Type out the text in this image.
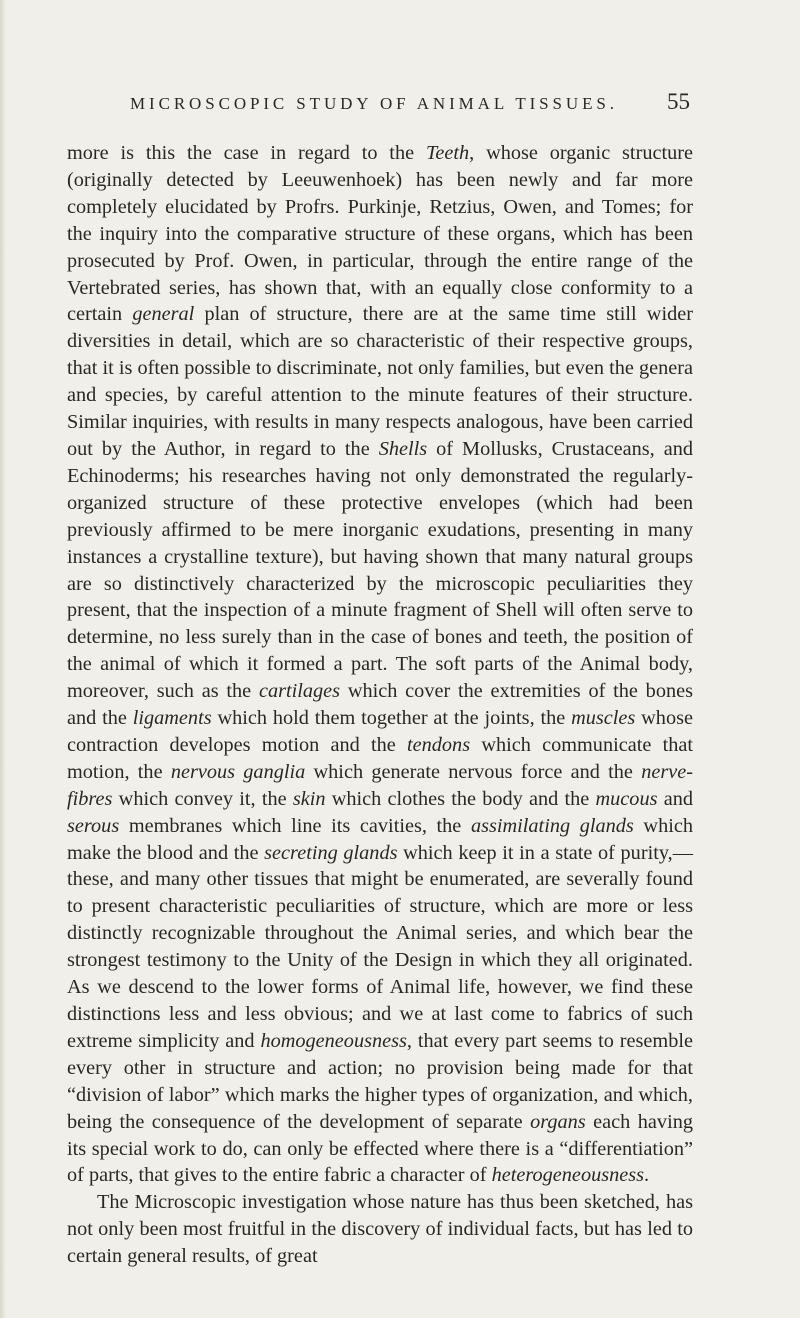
MICROSCOPIC STUDY OF ANIMAL TISSUES. 55

more is this the case in regard to the Teeth, whose organic structure (originally detected by Leeuwenhoek) has been newly and far more completely elucidated by Profrs. Purkinje, Retzius, Owen, and Tomes; for the inquiry into the comparative structure of these organs, which has been prosecuted by Prof. Owen, in particular, through the entire range of the Vertebrated series, has shown that, with an equally close conformity to a certain general plan of structure, there are at the same time still wider diversities in detail, which are so characteristic of their respective groups, that it is often possible to discriminate, not only families, but even the genera and species, by careful attention to the minute features of their structure. Similar inquiries, with results in many respects analogous, have been carried out by the Author, in regard to the Shells of Mollusks, Crustaceans, and Echinoderms; his researches having not only demonstrated the regularly-organized structure of these protective envelopes (which had been previously affirmed to be mere inorganic exudations, presenting in many instances a crystalline texture), but having shown that many natural groups are so distinctively characterized by the microscopic peculiarities they present, that the inspection of a minute fragment of Shell will often serve to determine, no less surely than in the case of bones and teeth, the position of the animal of which it formed a part. The soft parts of the Animal body, moreover, such as the cartilages which cover the extremities of the bones and the ligaments which hold them together at the joints, the muscles whose contraction developes motion and the tendons which communicate that motion, the nervous ganglia which generate nervous force and the nerve-fibres which convey it, the skin which clothes the body and the mucous and serous membranes which line its cavities, the assimilating glands which make the blood and the secreting glands which keep it in a state of purity,—these, and many other tissues that might be enumerated, are severally found to present characteristic peculiarities of structure, which are more or less distinctly recognizable throughout the Animal series, and which bear the strongest testimony to the Unity of the Design in which they all originated. As we descend to the lower forms of Animal life, however, we find these distinctions less and less obvious; and we at last come to fabrics of such extreme simplicity and homogeneousness, that every part seems to resemble every other in structure and action; no provision being made for that “division of labor” which marks the higher types of organization, and which, being the consequence of the development of separate organs each having its special work to do, can only be effected where there is a “differentiation” of parts, that gives to the entire fabric a character of heterogeneousness.

The Microscopic investigation whose nature has thus been sketched, has not only been most fruitful in the discovery of individual facts, but has led to certain general results, of great
